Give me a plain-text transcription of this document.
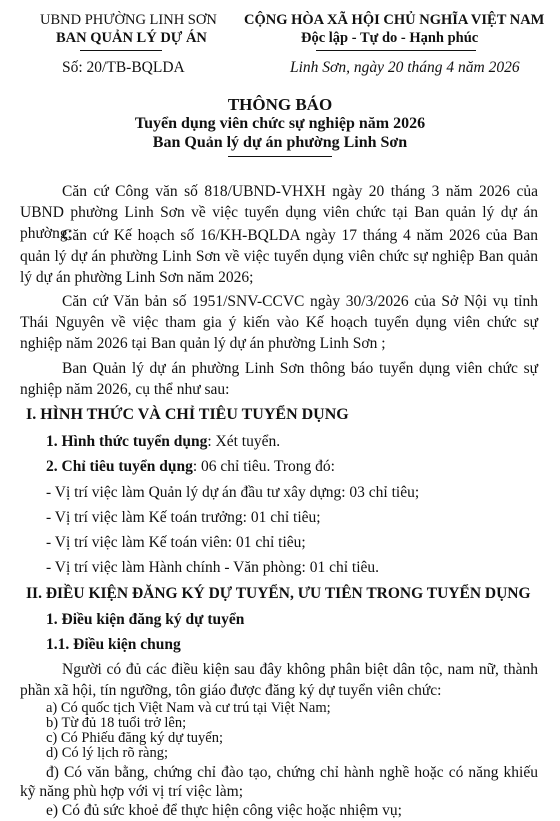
UBND PHƯỜNG LINH SƠN
BAN QUẢN LÝ DỰ ÁN
CỘNG HÒA XÃ HỘI CHỦ NGHĨA VIỆT NAM
Độc lập - Tự do - Hạnh phúc
Số: 20/TB-BQLDA	Linh Sơn, ngày 20 tháng 4 năm 2026
THÔNG BÁO
Tuyển dụng viên chức sự nghiệp năm 2026
Ban Quản lý dự án phường Linh Sơn
Căn cứ Công văn số 818/UBND-VHXH ngày 20 tháng 3 năm 2026 của UBND phường Linh Sơn về việc tuyển dụng viên chức tại Ban quản lý dự án phường;
Căn cứ Kế hoạch số 16/KH-BQLDA ngày 17 tháng 4 năm 2026 của Ban quản lý dự án phường Linh Sơn về việc tuyển dụng viên chức sự nghiệp Ban quản lý dự án phường Linh Sơn năm 2026;
Căn cứ Văn bản số 1951/SNV-CCVC ngày 30/3/2026 của Sở Nội vụ tỉnh Thái Nguyên về việc tham gia ý kiến vào Kế hoạch tuyển dụng viên chức sự nghiệp năm 2026 tại Ban quản lý dự án phường Linh Sơn ;
Ban Quản lý dự án phường Linh Sơn thông báo tuyển dụng viên chức sự nghiệp năm 2026, cụ thể như sau:
I. HÌNH THỨC VÀ CHỈ TIÊU TUYỂN DỤNG
1. Hình thức tuyển dụng: Xét tuyển.
2. Chỉ tiêu tuyển dụng: 06 chỉ tiêu. Trong đó:
- Vị trí việc làm Quản lý dự án đầu tư xây dựng: 03 chỉ tiêu;
- Vị trí việc làm Kế toán trưởng: 01 chỉ tiêu;
- Vị trí việc làm Kế toán viên: 01 chỉ tiêu;
- Vị trí việc làm Hành chính - Văn phòng: 01 chỉ tiêu.
II. ĐIỀU KIỆN ĐĂNG KÝ DỰ TUYỂN, ƯU TIÊN TRONG TUYỂN DỤNG
1. Điều kiện đăng ký dự tuyển
1.1. Điều kiện chung
Người có đủ các điều kiện sau đây không phân biệt dân tộc, nam nữ, thành phần xã hội, tín ngưỡng, tôn giáo được đăng ký dự tuyển viên chức:
a) Có quốc tịch Việt Nam và cư trú tại Việt Nam;
b) Từ đủ 18 tuổi trở lên;
c) Có Phiếu đăng ký dự tuyển;
d) Có lý lịch rõ ràng;
đ) Có văn bằng, chứng chỉ đào tạo, chứng chỉ hành nghề hoặc có năng khiếu kỹ năng phù hợp với vị trí việc làm;
e) Có đủ sức khoẻ để thực hiện công việc hoặc nhiệm vụ;
